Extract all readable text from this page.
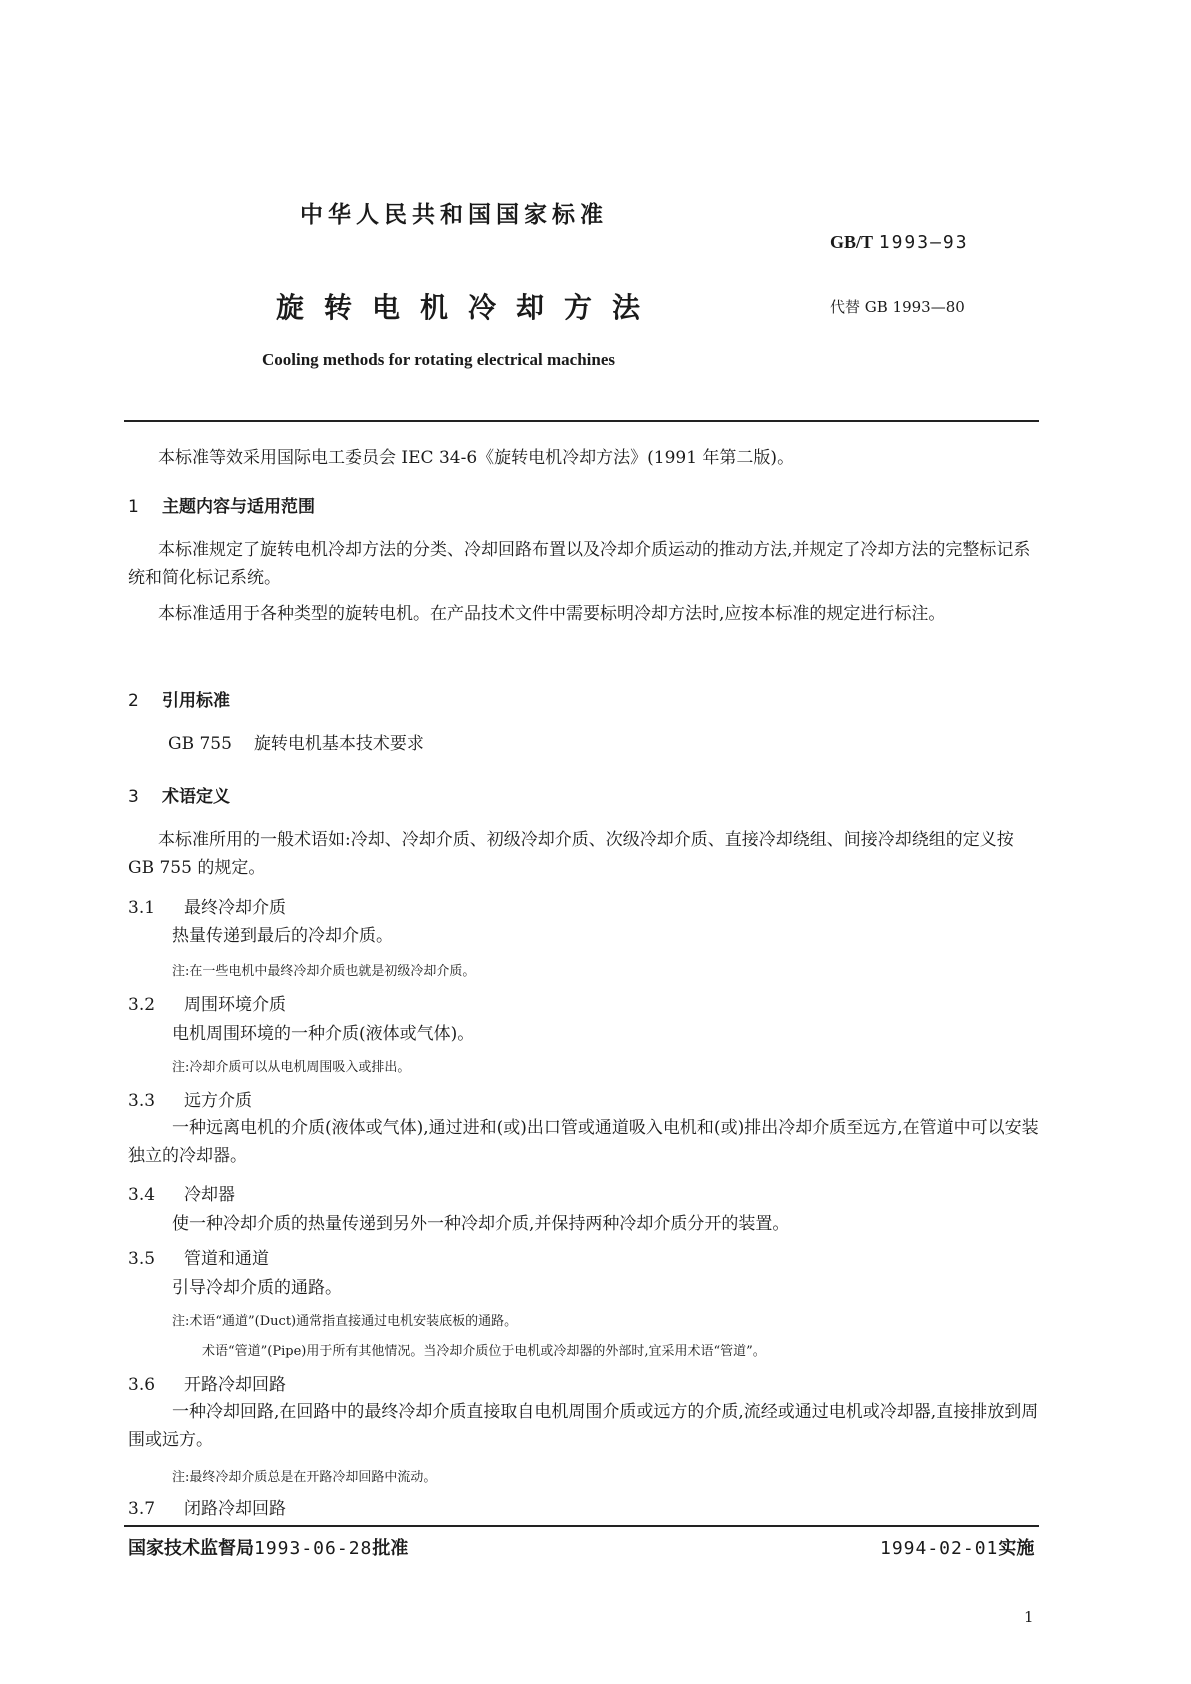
中华人民共和国国家标准
GB/T 1993—93
旋转电机冷却方法	代替 GB 1993—80
Cooling methods for rotating electrical machines
本标准等效采用国际电工委员会 IEC 34-6《旋转电机冷却方法》(1991 年第二版)。
1 主题内容与适用范围
本标准规定了旋转电机冷却方法的分类、冷却回路布置以及冷却介质运动的推动方法,并规定了冷却方法的完整标记系统和简化标记系统。
本标准适用于各种类型的旋转电机。在产品技术文件中需要标明冷却方法时,应按本标准的规定进行标注。
2 引用标准
GB 755 旋转电机基本技术要求
3 术语定义
本标准所用的一般术语如:冷却、冷却介质、初级冷却介质、次级冷却介质、直接冷却绕组、间接冷却绕组的定义按 GB 755 的规定。
3.1 最终冷却介质
热量传递到最后的冷却介质。
注:在一些电机中最终冷却介质也就是初级冷却介质。
3.2 周围环境介质
电机周围环境的一种介质(液体或气体)。
注:冷却介质可以从电机周围吸入或排出。
3.3 远方介质
一种远离电机的介质(液体或气体),通过进和(或)出口管或通道吸入电机和(或)排出冷却介质至远方,在管道中可以安装独立的冷却器。
3.4 冷却器
使一种冷却介质的热量传递到另外一种冷却介质,并保持两种冷却介质分开的装置。
3.5 管道和通道
引导冷却介质的通路。
注:术语“通道”(Duct)通常指直接通过电机安装底板的通路。
术语“管道”(Pipe)用于所有其他情况。当冷却介质位于电机或冷却器的外部时,宜采用术语“管道”。
3.6 开路冷却回路
一种冷却回路,在回路中的最终冷却介质直接取自电机周围介质或远方的介质,流经或通过电机或冷却器,直接排放到周围或远方。
注:最终冷却介质总是在开路冷却回路中流动。
3.7 闭路冷却回路
国家技术监督局1993-06-28批准	1994-02-01实施
1
